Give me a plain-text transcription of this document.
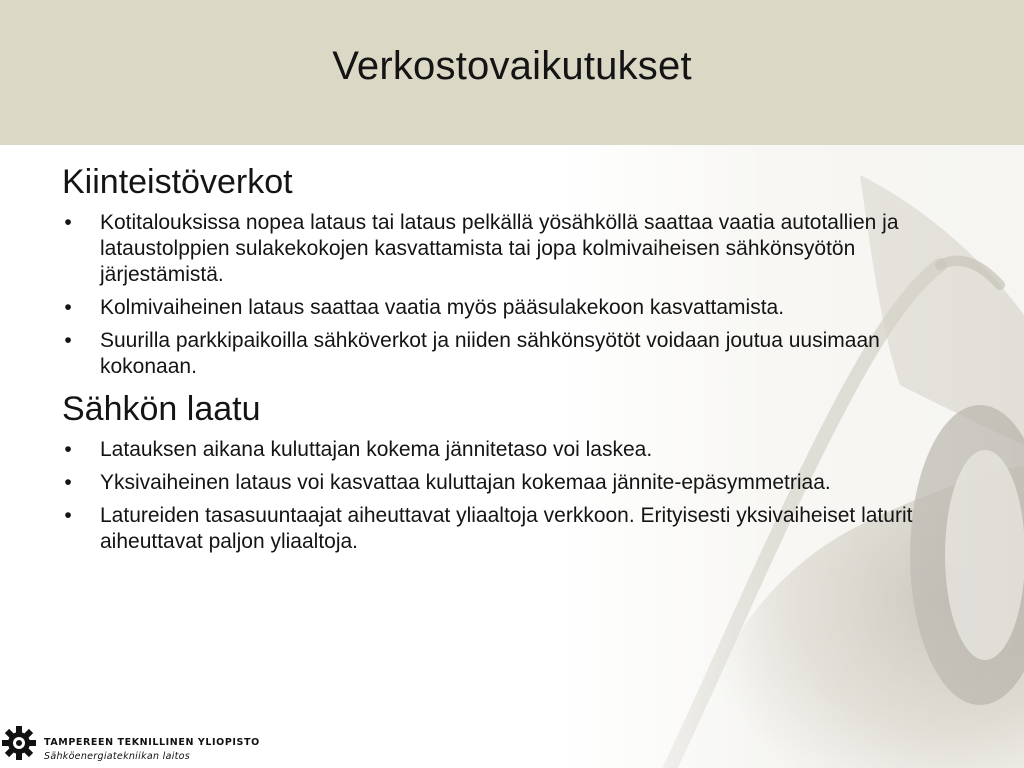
Verkostovaikutukset
Kiinteistöverkot
• Kotitalouksissa nopea lataus tai lataus pelkällä yösähköllä saattaa vaatia autotallien ja lataustolppien sulakekokojen kasvattamista tai jopa kolmivaiheisen sähkönsyötön järjestämistä.
• Kolmivaiheinen lataus saattaa vaatia myös pääsulakekoon kasvattamista.
• Suurilla parkkipaikoilla sähköverkot ja niiden sähkönsyötöt voidaan joutua uusimaan kokonaan.
Sähkön laatu
• Latauksen aikana kuluttajan kokema jännitetaso voi laskea.
• Yksivaiheinen lataus voi kasvattaa kuluttajan kokemaa jännite-epäsymmetriaa.
• Latureiden tasasuuntaajat aiheuttavat yliaaltoja verkkoon. Erityisesti yksivaiheiset laturit aiheuttavat paljon yliaaltoja.
TAMPEREEN TEKNILLINEN YLIOPISTO
Sähköenergiatekniikan laitos
